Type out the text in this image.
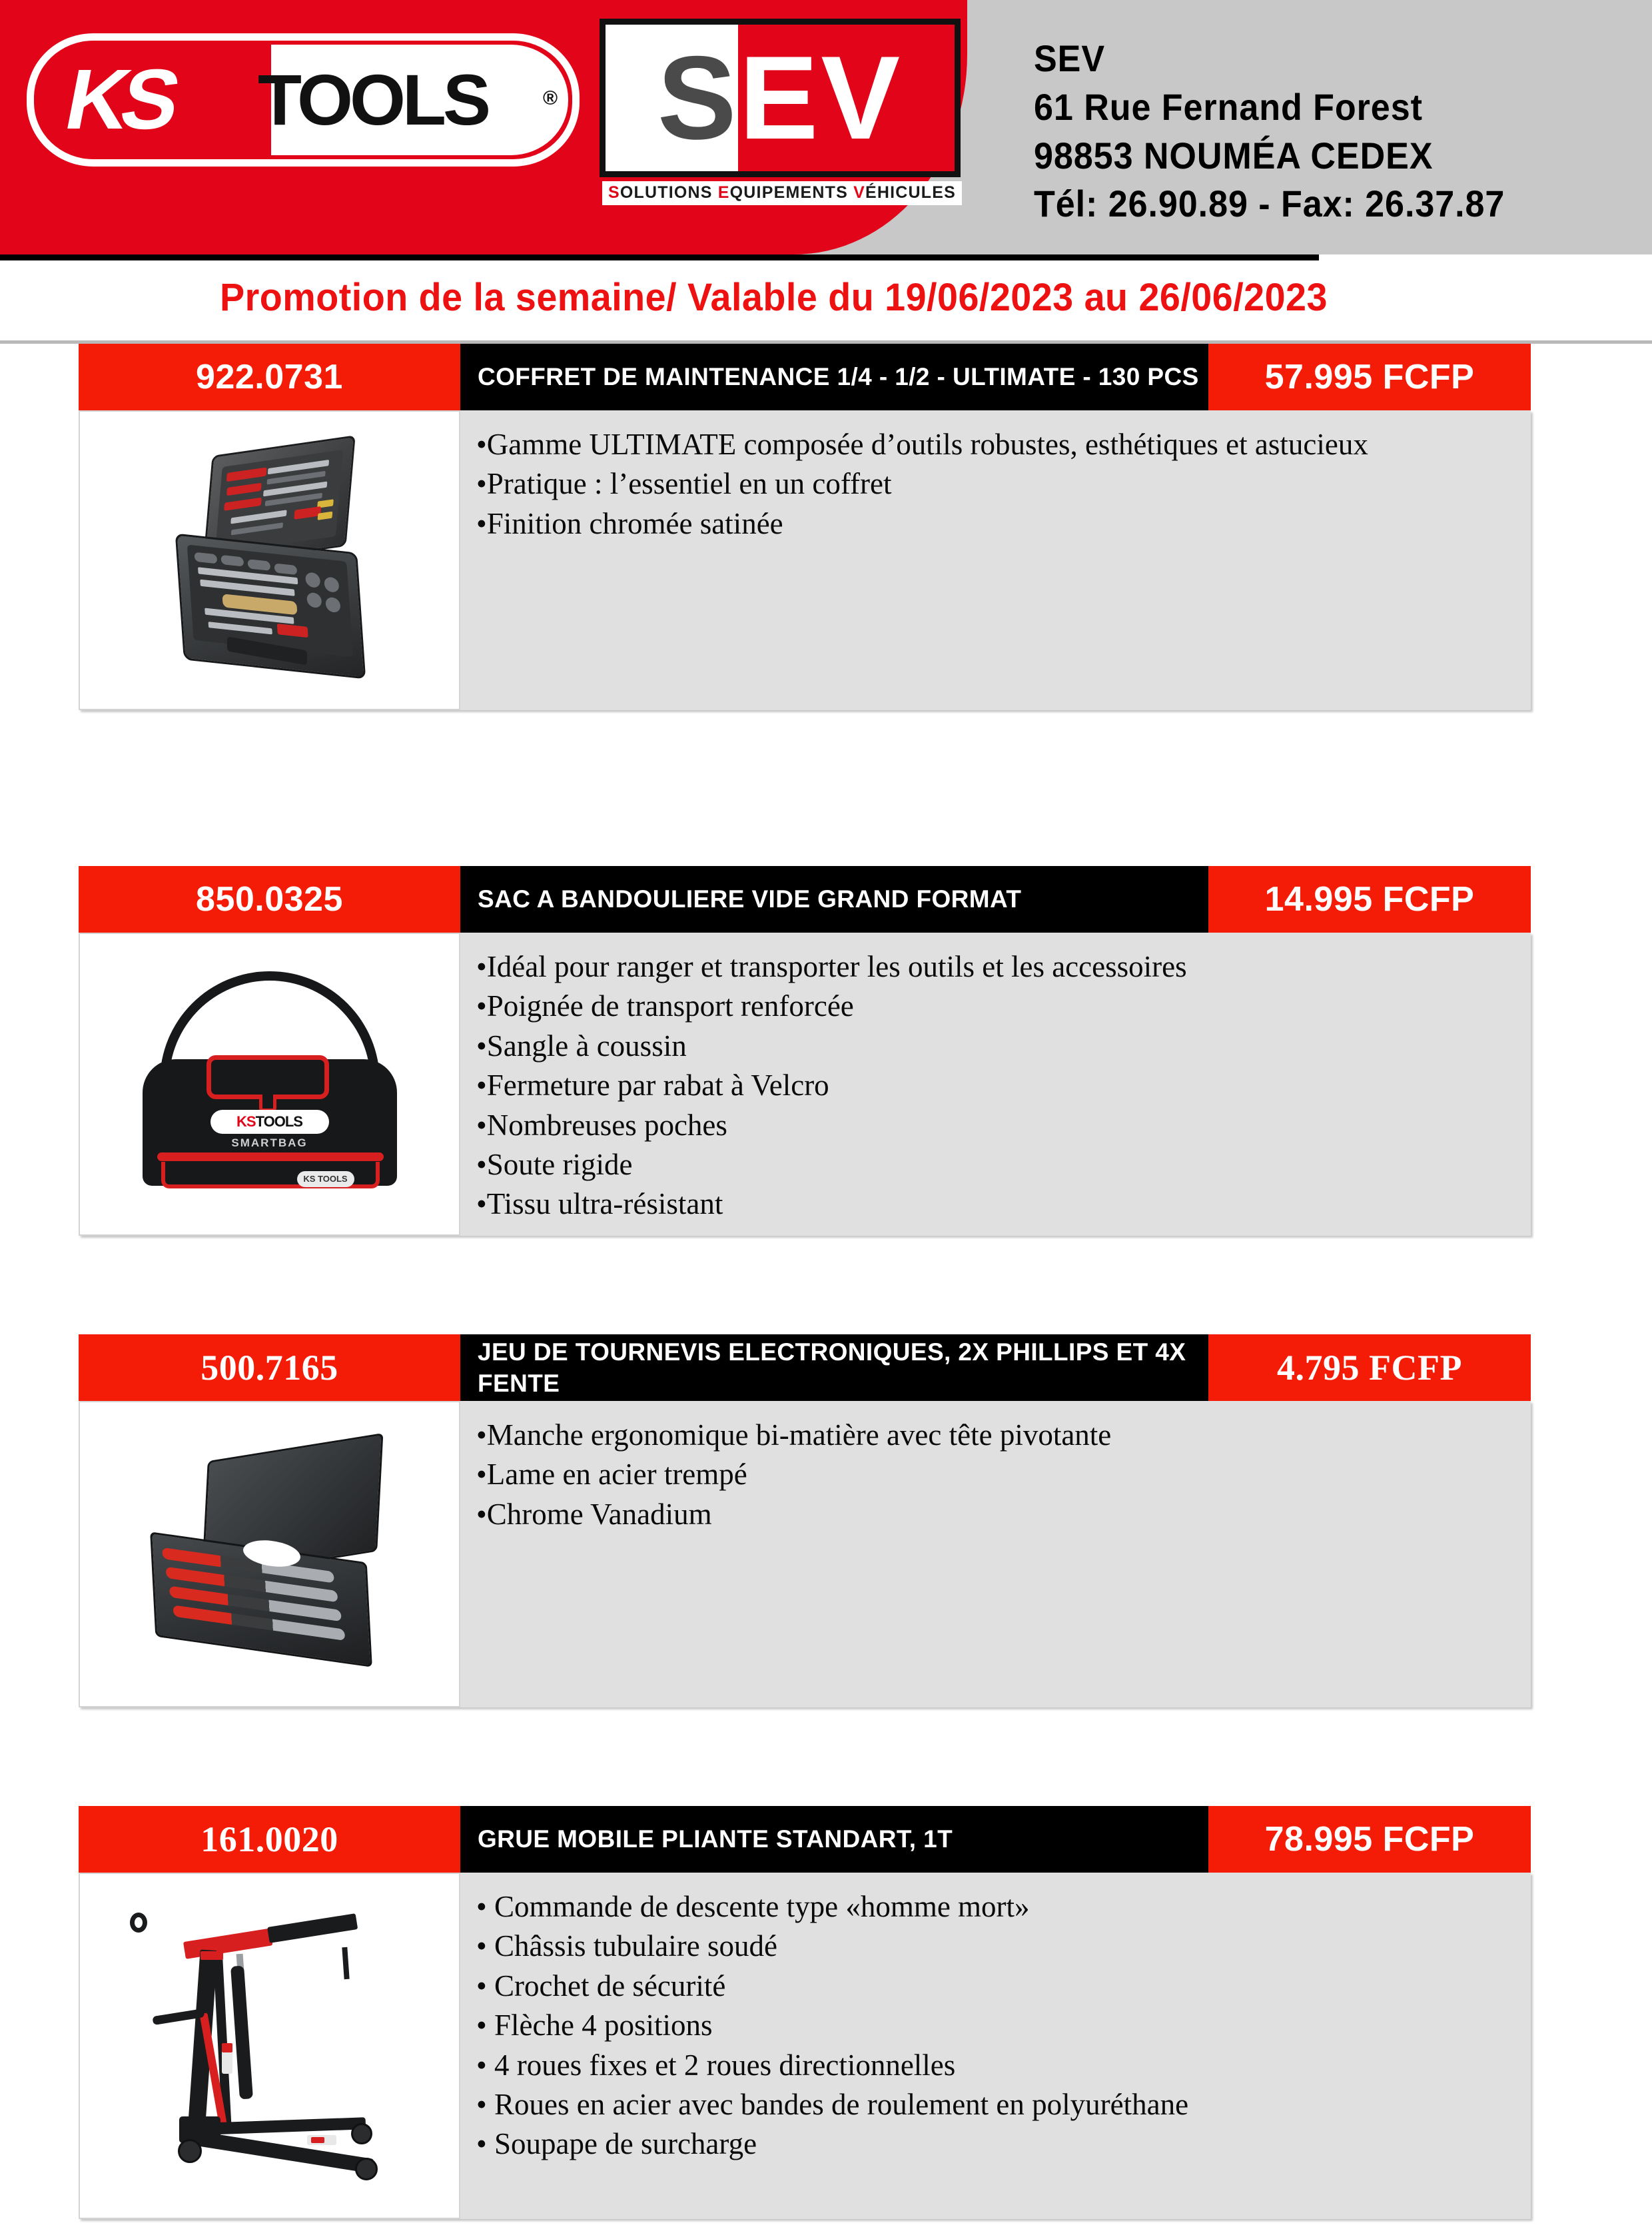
KS TOOLS	® S E V
SOLUTIONS EQUIPEMENTS VÉHICULES
SEV
61 Rue Fernand Forest
98853 NOUMÉA CEDEX
Tél: 26.90.89 - Fax: 26.37.87
Promotion de la semaine/ Valable du 19/06/2023 au 26/06/2023
922.0731	COFFRET DE MAINTENANCE 1/4 - 1/2 - ULTIMATE - 130 PCS	57.995 FCFP
•Gamme ULTIMATE composée d’outils robustes, esthétiques et astucieux
•Pratique : l’essentiel en un coffret
•Finition chromée satinée
850.0325	SAC A BANDOULIERE VIDE GRAND FORMAT	14.995 FCFP
KS TOOLS
SMARTBAG
KS TOOLS
•Idéal pour ranger et transporter les outils et les accessoires
•Poignée de transport renforcée
•Sangle à coussin
•Fermeture par rabat à Velcro
•Nombreuses poches
•Soute rigide
•Tissu ultra-résistant
500.7165	JEU DE TOURNEVIS ELECTRONIQUES, 2X PHILLIPS ET 4X FENTE	4.795 FCFP
•Manche ergonomique bi-matière avec tête pivotante
•Lame en acier trempé
•Chrome Vanadium
161.0020	GRUE MOBILE PLIANTE STANDART, 1T	78.995 FCFP
• Commande de descente type «homme mort»
• Châssis tubulaire soudé
• Crochet de sécurité
• Flèche 4 positions
• 4 roues fixes et 2 roues directionnelles
• Roues en acier avec bandes de roulement en polyuréthane
• Soupape de surcharge
